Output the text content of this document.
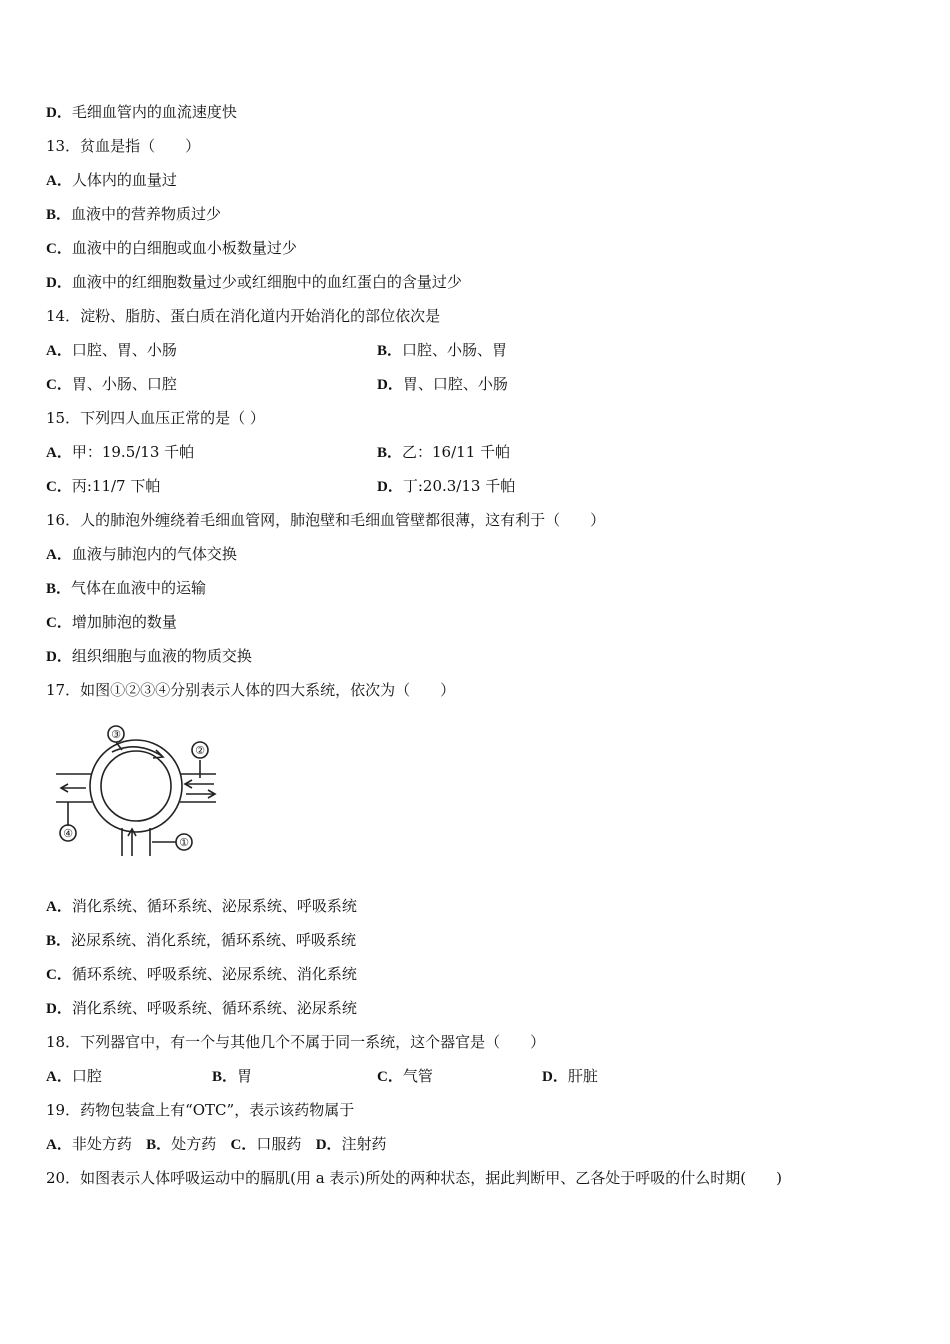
D．毛细血管内的血流速度快
13．贫血是指（　　）
A．人体内的血量过
B．血液中的营养物质过少
C．血液中的白细胞或血小板数量过少
D．血液中的红细胞数量过少或红细胞中的血红蛋白的含量过少
14．淀粉、脂肪、蛋白质在消化道内开始消化的部位依次是
A．口腔、胃、小肠	B．口腔、小肠、胃
C．胃、小肠、口腔	D．胃、口腔、小肠
15．下列四人血压正常的是（ ）
A．甲：19.5/13 千帕	B．乙：16/11 千帕
C．丙:11/7 下帕	D．丁:20.3/13 千帕
16．人的肺泡外缠绕着毛细血管网，肺泡壁和毛细血管壁都很薄，这有利于（　　）
A．血液与肺泡内的气体交换
B．气体在血液中的运输
C．增加肺泡的数量
D．组织细胞与血液的物质交换
17．如图①②③④分别表示人体的四大系统，依次为（　　）
③
②
④
①
A．消化系统、循环系统、泌尿系统、呼吸系统
B．泌尿系统、消化系统，循环系统、呼吸系统
C．循环系统、呼吸系统、泌尿系统、消化系统
D．消化系统、呼吸系统、循环系统、泌尿系统
18．下列器官中，有一个与其他几个不属于同一系统，这个器官是（　　）
A．口腔	B．胃	C．气管	D．肝脏
19．药物包装盒上有“OTC”，表示该药物属于
A．非处方药 B．处方药 C．口服药 D．注射药
20．如图表示人体呼吸运动中的膈肌(用 a 表示)所处的两种状态，据此判断甲、乙各处于呼吸的什么时期(　　)
